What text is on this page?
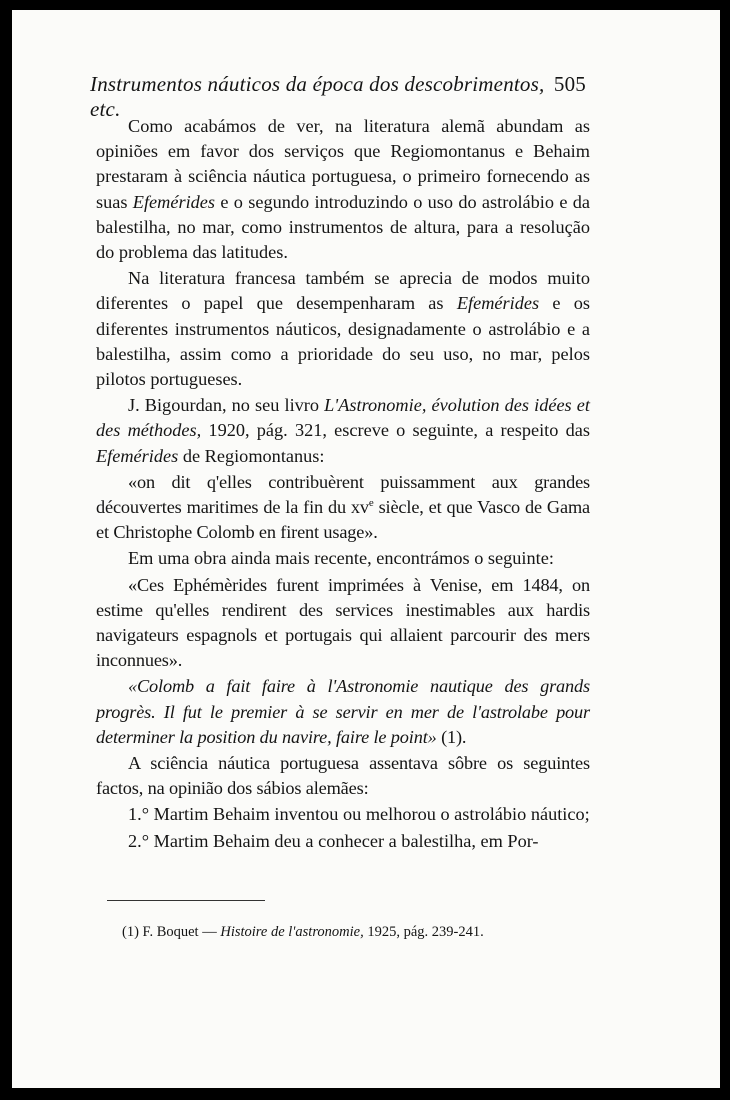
Instrumentos náuticos da época dos descobrimentos, etc.
505

Como acabámos de ver, na literatura alemã abundam as opiniões em favor dos serviços que Regiomontanus e Behaim prestaram à sciência náutica portuguesa, o primeiro fornecendo as suas Efemérides e o segundo introduzindo o uso do astrolábio e da balestilha, no mar, como instrumentos de altura, para a resolução do problema das latitudes.

Na literatura francesa também se aprecia de modos muito diferentes o papel que desempenharam as Efemérides e os diferentes instrumentos náuticos, designadamente o astrolábio e a balestilha, assim como a prioridade do seu uso, no mar, pelos pilotos portugueses.

J. Bigourdan, no seu livro L'Astronomie, évolution des idées et des méthodes, 1920, pág. 321, escreve o seguinte, a respeito das Efemérides de Regiomontanus:

«on dit q'elles contribuèrent puissamment aux grandes découvertes maritimes de la fin du $xv^e$ siècle, et que Vasco de Gama et Christophe Colomb en firent usage».

Em uma obra ainda mais recente, encontrámos o seguinte:

«Ces Ephémèrides furent imprimées à Venise, em 1484, on estime qu'elles rendirent des services inestimables aux hardis navigateurs espagnols et portugais qui allaient parcourir des mers inconnues».

«Colomb a fait faire à l'Astronomie nautique des grands progrès. Il fut le premier à se servir en mer de l'astrolabe pour determiner la position du navire, faire le point» (1).

A sciência náutica portuguesa assentava sôbre os seguintes factos, na opinião dos sábios alemães:

1.° Martim Behaim inventou ou melhorou o astrolábio náutico;

2.° Martim Behaim deu a conhecer a balestilha, em Por-

(1) F. Boquet — Histoire de l'astronomie, 1925, pág. 239-241.
